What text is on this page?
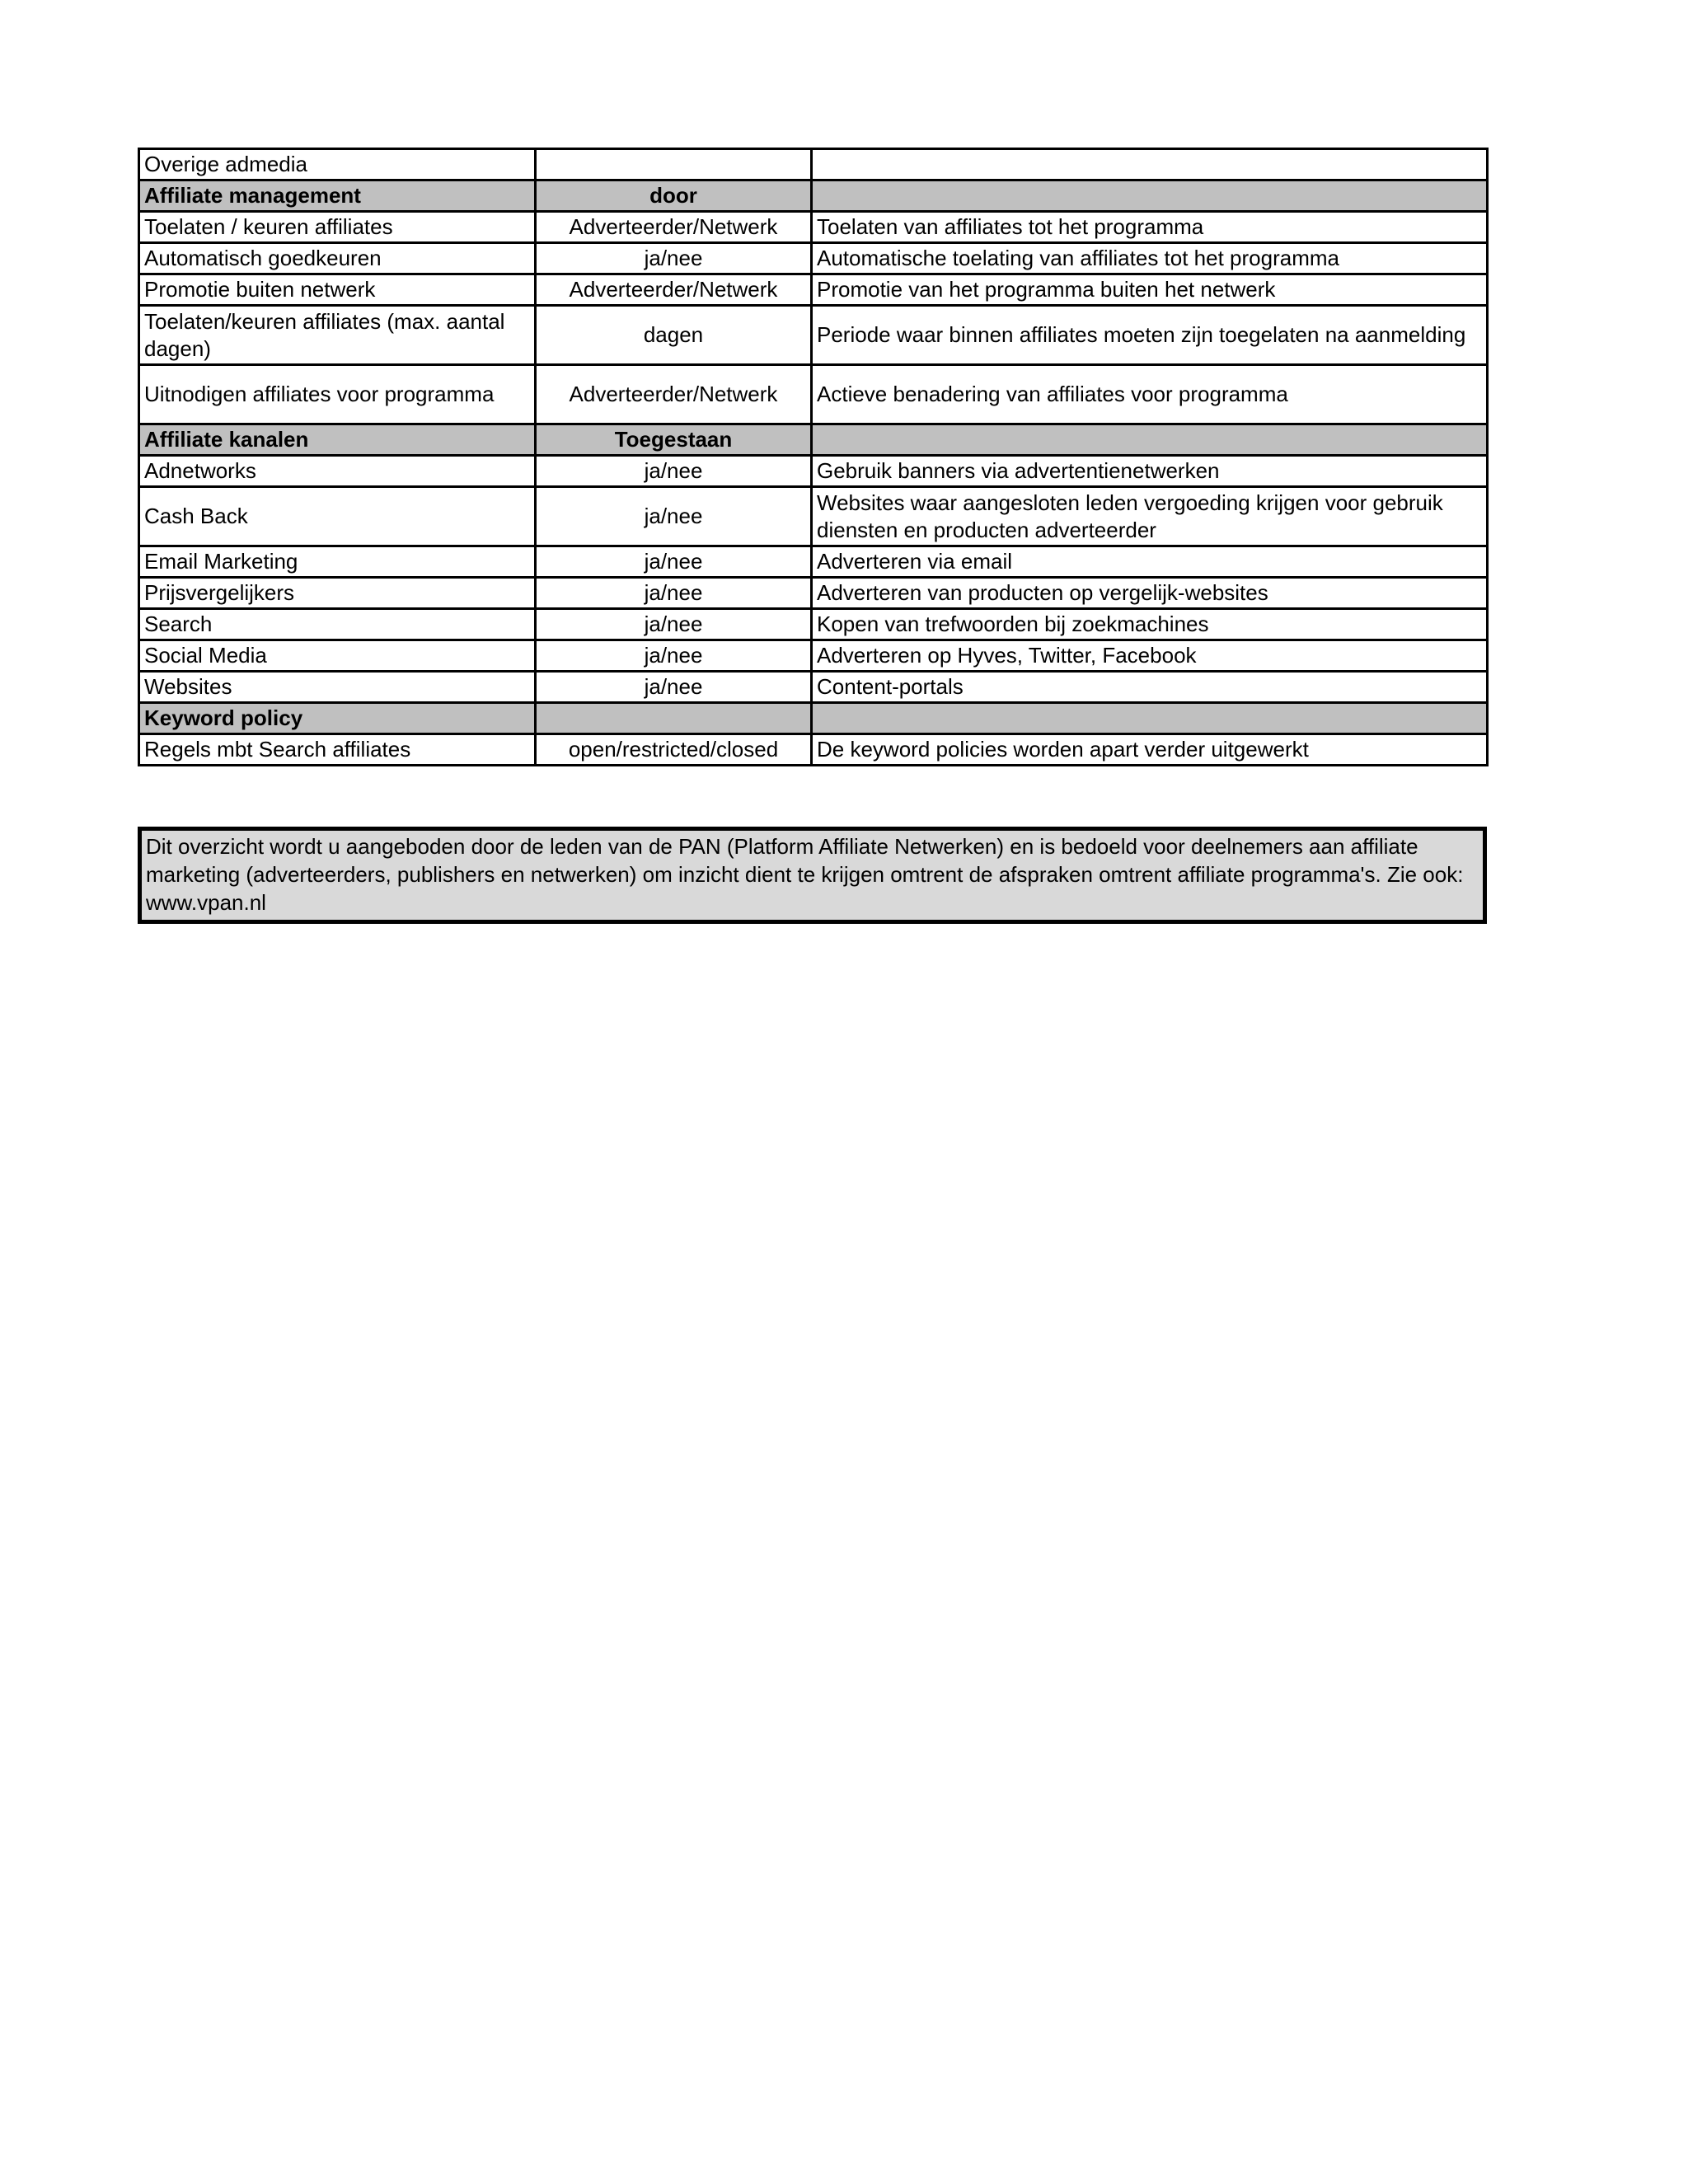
Overige admedia		
Affiliate management	door	
Toelaten / keuren affiliates	Adverteerder/Netwerk	Toelaten van affiliates tot het programma
Automatisch goedkeuren	ja/nee	Automatische toelating van affiliates tot het programma
Promotie buiten netwerk	Adverteerder/Netwerk	Promotie van het programma buiten het netwerk
Toelaten/keuren affiliates (max. aantal dagen)	dagen	Periode waar binnen affiliates moeten zijn toegelaten na aanmelding
Uitnodigen affiliates voor programma	Adverteerder/Netwerk	Actieve benadering van affiliates voor programma
Affiliate kanalen	Toegestaan	
Adnetworks	ja/nee	Gebruik banners via advertentienetwerken
Cash Back	ja/nee	Websites waar aangesloten leden vergoeding krijgen voor gebruik diensten en producten adverteerder
Email Marketing	ja/nee	Adverteren via email
Prijsvergelijkers	ja/nee	Adverteren van producten op vergelijk-websites
Search	ja/nee	Kopen van trefwoorden bij zoekmachines
Social Media	ja/nee	Adverteren op Hyves, Twitter, Facebook
Websites	ja/nee	Content-portals
Keyword policy		
Regels mbt Search affiliates	open/restricted/closed	De keyword policies worden apart verder uitgewerkt
Dit overzicht wordt u aangeboden door de leden van de PAN (Platform Affiliate Netwerken) en is bedoeld voor deelnemers aan affiliate marketing (adverteerders, publishers en netwerken) om inzicht dient te krijgen omtrent de afspraken omtrent affiliate programma's. Zie ook: www.vpan.nl
